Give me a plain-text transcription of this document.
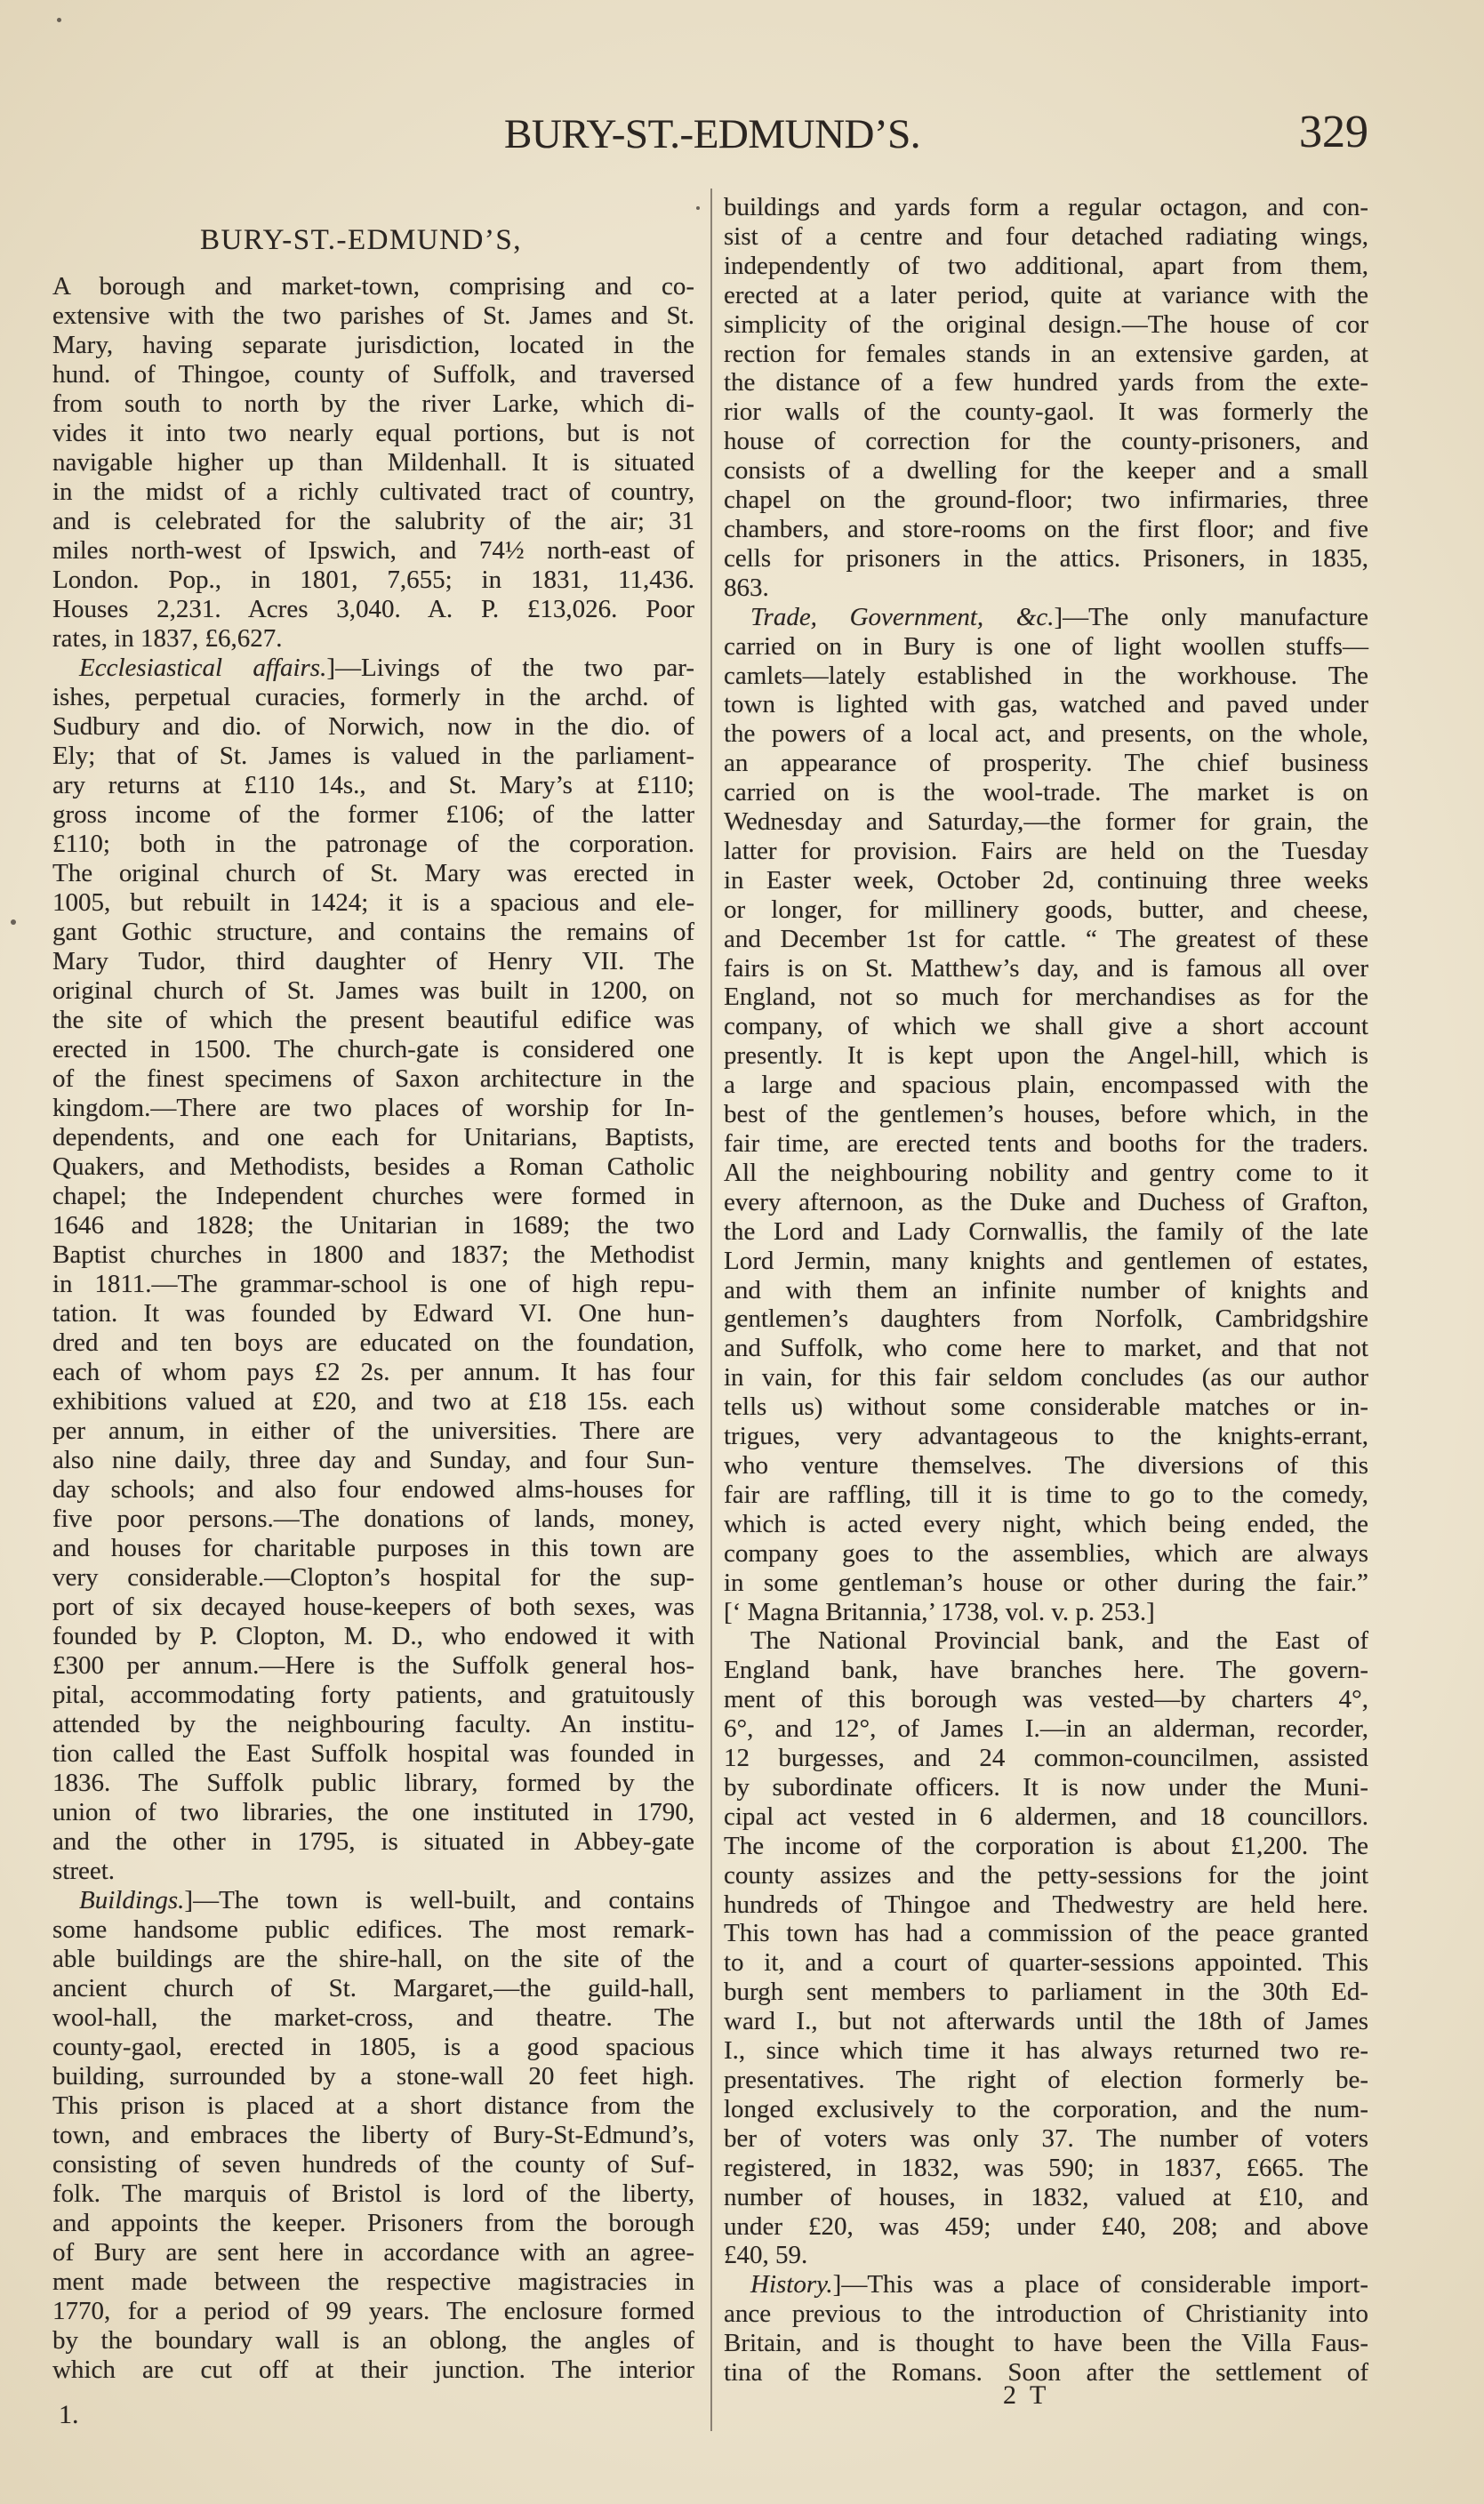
BURY-ST.-EDMUND’S.	329
BURY-ST.-EDMUND’S,
A borough and market-town, comprising and co-
extensive with the two parishes of St. James and St.
Mary, having separate jurisdiction, located in the
hund. of Thingoe, county of Suffolk, and traversed
from south to north by the river Larke, which di-
vides it into two nearly equal portions, but is not
navigable higher up than Mildenhall. It is situated
in the midst of a richly cultivated tract of country,
and is celebrated for the salubrity of the air; 31
miles north-west of Ipswich, and 74½ north-east of
London. Pop., in 1801, 7,655; in 1831, 11,436.
Houses 2,231. Acres 3,040. A. P. £13,026. Poor
rates, in 1837, £6,627.
Ecclesiastical affairs.]—Livings of the two par-
ishes, perpetual curacies, formerly in the archd. of
Sudbury and dio. of Norwich, now in the dio. of
Ely; that of St. James is valued in the parliament-
ary returns at £110 14s., and St. Mary’s at £110;
gross income of the former £106; of the latter
£110; both in the patronage of the corporation.
The original church of St. Mary was erected in
1005, but rebuilt in 1424; it is a spacious and ele-
gant Gothic structure, and contains the remains of
Mary Tudor, third daughter of Henry VII. The
original church of St. James was built in 1200, on
the site of which the present beautiful edifice was
erected in 1500. The church-gate is considered one
of the finest specimens of Saxon architecture in the
kingdom.—There are two places of worship for In-
dependents, and one each for Unitarians, Baptists,
Quakers, and Methodists, besides a Roman Catholic
chapel; the Independent churches were formed in
1646 and 1828; the Unitarian in 1689; the two
Baptist churches in 1800 and 1837; the Methodist
in 1811.—The grammar-school is one of high repu-
tation. It was founded by Edward VI. One hun-
dred and ten boys are educated on the foundation,
each of whom pays £2 2s. per annum. It has four
exhibitions valued at £20, and two at £18 15s. each
per annum, in either of the universities. There are
also nine daily, three day and Sunday, and four Sun-
day schools; and also four endowed alms-houses for
five poor persons.—The donations of lands, money,
and houses for charitable purposes in this town are
very considerable.—Clopton’s hospital for the sup-
port of six decayed house-keepers of both sexes, was
founded by P. Clopton, M. D., who endowed it with
£300 per annum.—Here is the Suffolk general hos-
pital, accommodating forty patients, and gratuitously
attended by the neighbouring faculty. An institu-
tion called the East Suffolk hospital was founded in
1836. The Suffolk public library, formed by the
union of two libraries, the one instituted in 1790,
and the other in 1795, is situated in Abbey-gate
street.
Buildings.]—The town is well-built, and contains
some handsome public edifices. The most remark-
able buildings are the shire-hall, on the site of the
ancient church of St. Margaret,—the guild-hall,
wool-hall, the market-cross, and theatre. The
county-gaol, erected in 1805, is a good spacious
building, surrounded by a stone-wall 20 feet high.
This prison is placed at a short distance from the
town, and embraces the liberty of Bury-St-Edmund’s,
consisting of seven hundreds of the county of Suf-
folk. The marquis of Bristol is lord of the liberty,
and appoints the keeper. Prisoners from the borough
of Bury are sent here in accordance with an agree-
ment made between the respective magistracies in
1770, for a period of 99 years. The enclosure formed
by the boundary wall is an oblong, the angles of
which are cut off at their junction. The interior
buildings and yards form a regular octagon, and con-
sist of a centre and four detached radiating wings,
independently of two additional, apart from them,
erected at a later period, quite at variance with the
simplicity of the original design.—The house of cor
rection for females stands in an extensive garden, at
the distance of a few hundred yards from the exte-
rior walls of the county-gaol. It was formerly the
house of correction for the county-prisoners, and
consists of a dwelling for the keeper and a small
chapel on the ground-floor; two infirmaries, three
chambers, and store-rooms on the first floor; and five
cells for prisoners in the attics. Prisoners, in 1835,
863.
Trade, Government, &c.]—The only manufacture
carried on in Bury is one of light woollen stuffs—
camlets—lately established in the workhouse. The
town is lighted with gas, watched and paved under
the powers of a local act, and presents, on the whole,
an appearance of prosperity. The chief business
carried on is the wool-trade. The market is on
Wednesday and Saturday,—the former for grain, the
latter for provision. Fairs are held on the Tuesday
in Easter week, October 2d, continuing three weeks
or longer, for millinery goods, butter, and cheese,
and December 1st for cattle. “ The greatest of these
fairs is on St. Matthew’s day, and is famous all over
England, not so much for merchandises as for the
company, of which we shall give a short account
presently. It is kept upon the Angel-hill, which is
a large and spacious plain, encompassed with the
best of the gentlemen’s houses, before which, in the
fair time, are erected tents and booths for the traders.
All the neighbouring nobility and gentry come to it
every afternoon, as the Duke and Duchess of Grafton,
the Lord and Lady Cornwallis, the family of the late
Lord Jermin, many knights and gentlemen of estates,
and with them an infinite number of knights and
gentlemen’s daughters from Norfolk, Cambridgshire
and Suffolk, who come here to market, and that not
in vain, for this fair seldom concludes (as our author
tells us) without some considerable matches or in-
trigues, very advantageous to the knights-errant,
who venture themselves. The diversions of this
fair are raffling, till it is time to go to the comedy,
which is acted every night, which being ended, the
company goes to the assemblies, which are always
in some gentleman’s house or other during the fair.”
[‘ Magna Britannia,’ 1738, vol. v. p. 253.]
The National Provincial bank, and the East of
England bank, have branches here. The govern-
ment of this borough was vested—by charters 4°,
6°, and 12°, of James I.—in an alderman, recorder,
12 burgesses, and 24 common-councilmen, assisted
by subordinate officers. It is now under the Muni-
cipal act vested in 6 aldermen, and 18 councillors.
The income of the corporation is about £1,200. The
county assizes and the petty-sessions for the joint
hundreds of Thingoe and Thedwestry are held here.
This town has had a commission of the peace granted
to it, and a court of quarter-sessions appointed. This
burgh sent members to parliament in the 30th Ed-
ward I., but not afterwards until the 18th of James
I., since which time it has always returned two re-
presentatives. The right of election formerly be-
longed exclusively to the corporation, and the num-
ber of voters was only 37. The number of voters
registered, in 1832, was 590; in 1837, £665. The
number of houses, in 1832, valued at £10, and
under £20, was 459; under £40, 208; and above
£40, 59.
History.]—This was a place of considerable import-
ance previous to the introduction of Christianity into
Britain, and is thought to have been the Villa Faus-
tina of the Romans. Soon after the settlement of
1.
2 T
